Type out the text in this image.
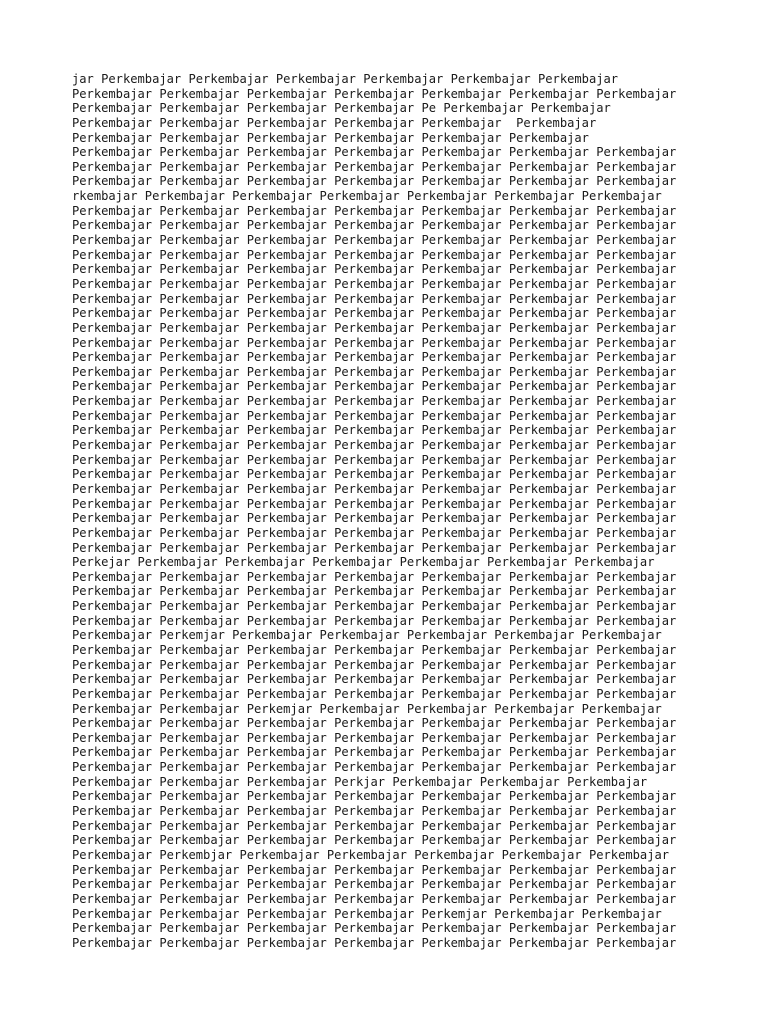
jar Perkembajar Perkembajar Perkembajar Perkembajar Perkembajar Perkembajar
Perkembajar Perkembajar Perkembajar Perkembajar Perkembajar Perkembajar Perkembajar
Perkembajar Perkembajar Perkembajar Perkembajar Pe Perkembajar Perkembajar
Perkembajar Perkembajar Perkembajar Perkembajar Perkembajar  Perkembajar
Perkembajar Perkembajar Perkembajar Perkembajar Perkembajar Perkembajar
Perkembajar Perkembajar Perkembajar Perkembajar Perkembajar Perkembajar Perkembajar
Perkembajar Perkembajar Perkembajar Perkembajar Perkembajar Perkembajar Perkembajar
Perkembajar Perkembajar Perkembajar Perkembajar Perkembajar Perkembajar Perkembajar
rkembajar Perkembajar Perkembajar Perkembajar Perkembajar Perkembajar Perkembajar
Perkembajar Perkembajar Perkembajar Perkembajar Perkembajar Perkembajar Perkembajar
Perkembajar Perkembajar Perkembajar Perkembajar Perkembajar Perkembajar Perkembajar
Perkembajar Perkembajar Perkembajar Perkembajar Perkembajar Perkembajar Perkembajar
Perkembajar Perkembajar Perkembajar Perkembajar Perkembajar Perkembajar Perkembajar
Perkembajar Perkembajar Perkembajar Perkembajar Perkembajar Perkembajar Perkembajar
Perkembajar Perkembajar Perkembajar Perkembajar Perkembajar Perkembajar Perkembajar
Perkembajar Perkembajar Perkembajar Perkembajar Perkembajar Perkembajar Perkembajar
Perkembajar Perkembajar Perkembajar Perkembajar Perkembajar Perkembajar Perkembajar
Perkembajar Perkembajar Perkembajar Perkembajar Perkembajar Perkembajar Perkembajar
Perkembajar Perkembajar Perkembajar Perkembajar Perkembajar Perkembajar Perkembajar
Perkembajar Perkembajar Perkembajar Perkembajar Perkembajar Perkembajar Perkembajar
Perkembajar Perkembajar Perkembajar Perkembajar Perkembajar Perkembajar Perkembajar
Perkembajar Perkembajar Perkembajar Perkembajar Perkembajar Perkembajar Perkembajar
Perkembajar Perkembajar Perkembajar Perkembajar Perkembajar Perkembajar Perkembajar
Perkembajar Perkembajar Perkembajar Perkembajar Perkembajar Perkembajar Perkembajar
Perkembajar Perkembajar Perkembajar Perkembajar Perkembajar Perkembajar Perkembajar
Perkembajar Perkembajar Perkembajar Perkembajar Perkembajar Perkembajar Perkembajar
Perkembajar Perkembajar Perkembajar Perkembajar Perkembajar Perkembajar Perkembajar
Perkembajar Perkembajar Perkembajar Perkembajar Perkembajar Perkembajar Perkembajar
Perkembajar Perkembajar Perkembajar Perkembajar Perkembajar Perkembajar Perkembajar
Perkembajar Perkembajar Perkembajar Perkembajar Perkembajar Perkembajar Perkembajar
Perkembajar Perkembajar Perkembajar Perkembajar Perkembajar Perkembajar Perkembajar
Perkembajar Perkembajar Perkembajar Perkembajar Perkembajar Perkembajar Perkembajar
Perkembajar Perkembajar Perkembajar Perkembajar Perkembajar Perkembajar Perkembajar
Perkejar Perkembajar Perkembajar Perkembajar Perkembajar Perkembajar Perkembajar
Perkembajar Perkembajar Perkembajar Perkembajar Perkembajar Perkembajar Perkembajar
Perkembajar Perkembajar Perkembajar Perkembajar Perkembajar Perkembajar Perkembajar
Perkembajar Perkembajar Perkembajar Perkembajar Perkembajar Perkembajar Perkembajar
Perkembajar Perkembajar Perkembajar Perkembajar Perkembajar Perkembajar Perkembajar
Perkembajar Perkemjar Perkembajar Perkembajar Perkembajar Perkembajar Perkembajar
Perkembajar Perkembajar Perkembajar Perkembajar Perkembajar Perkembajar Perkembajar
Perkembajar Perkembajar Perkembajar Perkembajar Perkembajar Perkembajar Perkembajar
Perkembajar Perkembajar Perkembajar Perkembajar Perkembajar Perkembajar Perkembajar
Perkembajar Perkembajar Perkembajar Perkembajar Perkembajar Perkembajar Perkembajar
Perkembajar Perkembajar Perkemjar Perkembajar Perkembajar Perkembajar Perkembajar
Perkembajar Perkembajar Perkembajar Perkembajar Perkembajar Perkembajar Perkembajar
Perkembajar Perkembajar Perkembajar Perkembajar Perkembajar Perkembajar Perkembajar
Perkembajar Perkembajar Perkembajar Perkembajar Perkembajar Perkembajar Perkembajar
Perkembajar Perkembajar Perkembajar Perkembajar Perkembajar Perkembajar Perkembajar
Perkembajar Perkembajar Perkembajar Perkjar Perkembajar Perkembajar Perkembajar
Perkembajar Perkembajar Perkembajar Perkembajar Perkembajar Perkembajar Perkembajar
Perkembajar Perkembajar Perkembajar Perkembajar Perkembajar Perkembajar Perkembajar
Perkembajar Perkembajar Perkembajar Perkembajar Perkembajar Perkembajar Perkembajar
Perkembajar Perkembajar Perkembajar Perkembajar Perkembajar Perkembajar Perkembajar
Perkembajar Perkembjar Perkembajar Perkembajar Perkembajar Perkembajar Perkembajar
Perkembajar Perkembajar Perkembajar Perkembajar Perkembajar Perkembajar Perkembajar
Perkembajar Perkembajar Perkembajar Perkembajar Perkembajar Perkembajar Perkembajar
Perkembajar Perkembajar Perkembajar Perkembajar Perkembajar Perkembajar Perkembajar
Perkembajar Perkembajar Perkembajar Perkembajar Perkemjar Perkembajar Perkembajar
Perkembajar Perkembajar Perkembajar Perkembajar Perkembajar Perkembajar Perkembajar
Perkembajar Perkembajar Perkembajar Perkembajar Perkembajar Perkembajar Perkembajar
